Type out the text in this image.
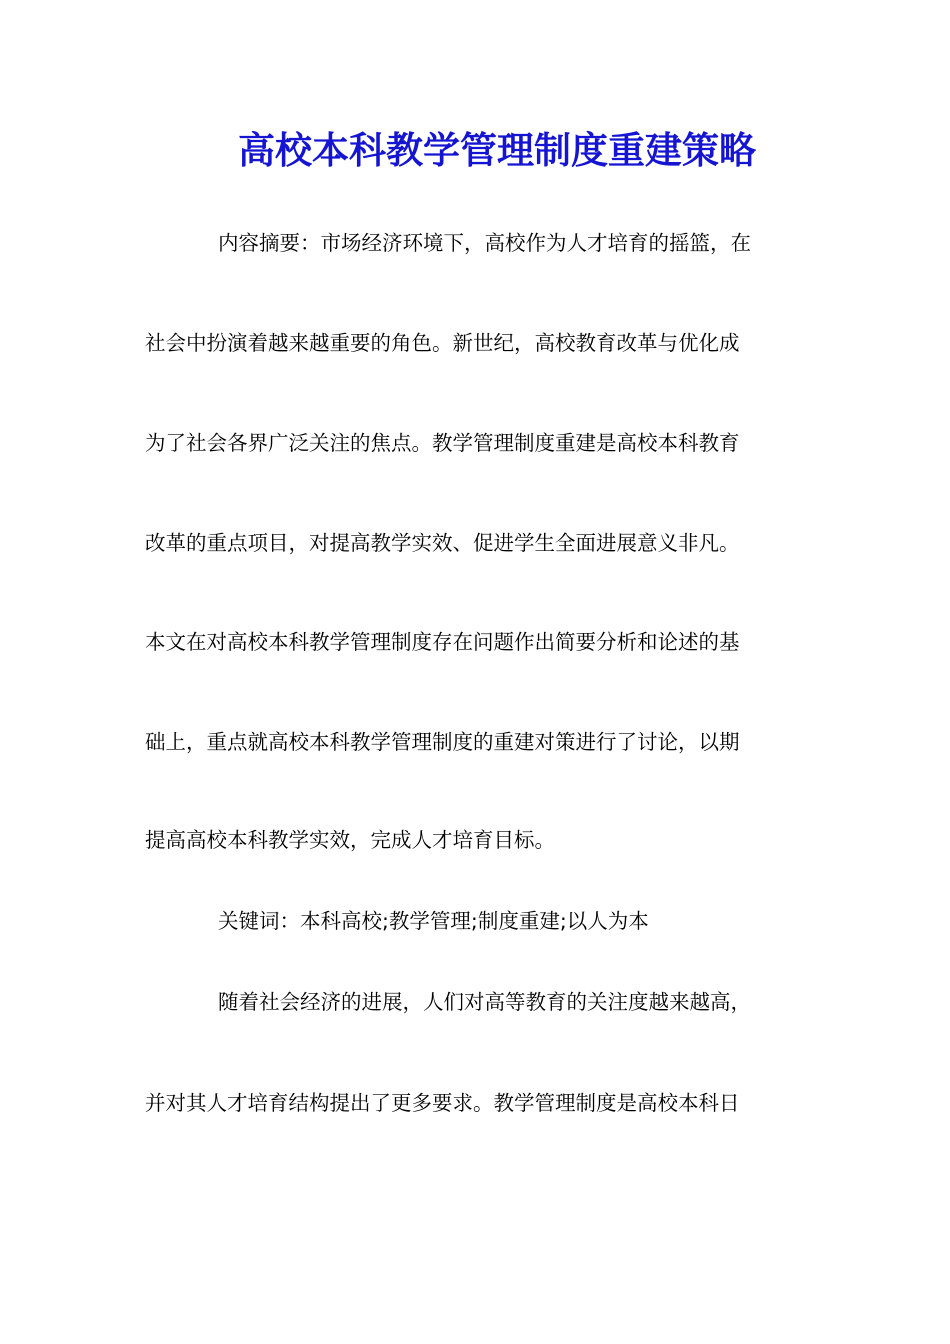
高校本科教学管理制度重建策略
内容摘要：市场经济环境下，高校作为人才培育的摇篮，在
社会中扮演着越来越重要的角色。新世纪，高校教育改革与优化成
为了社会各界广泛关注的焦点。教学管理制度重建是高校本科教育
改革的重点项目，对提高教学实效、促进学生全面进展意义非凡。
本文在对高校本科教学管理制度存在问题作出简要分析和论述的基
础上，重点就高校本科教学管理制度的重建对策进行了讨论，以期
提高高校本科教学实效，完成人才培育目标。
关键词：本科高校;教学管理;制度重建;以人为本
随着社会经济的进展，人们对高等教育的关注度越来越高，
并对其人才培育结构提出了更多要求。教学管理制度是高校本科日
